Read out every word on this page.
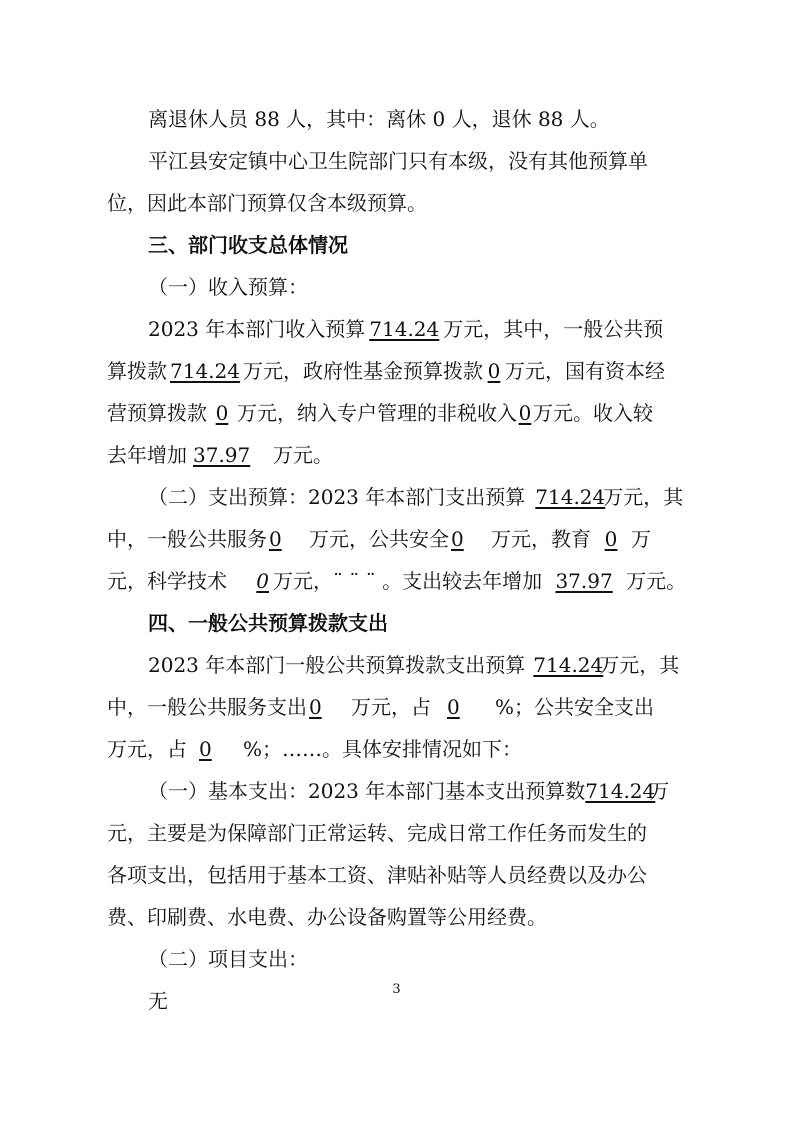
离退休人员 88 人，其中：离休 0 人，退休 88 人。
平江县安定镇中心卫生院部门只有本级，没有其他预算单
位，因此本部门预算仅含本级预算。
三、部门收支总体情况
（一）收入预算：
2023 年本部门收入预算 714.24 万元，其中，一般公共预
算拨款 714.24 万元，政府性基金预算拨款 0 万元，国有资本经
营预算拨款 0 万元，纳入专户管理的非税收入0万元。收入较
去年增加 37.97 万元。
（二）支出预算：2023 年本部门支出预算 714.24万元，其
中，一般公共服务 0 万元，公共安全 0 万元，教育 0 万
元，科学技术 0 万元，¨ ¨ ¨ 。支出较去年增加 37.97 万元。
四、一般公共预算拨款支出
2023 年本部门一般公共预算拨款支出预算 714.24万元，其
中，一般公共服务支出 0 万元，占 0 %；公共安全支出
万元，占 0 %；……。具体安排情况如下：
（一）基本支出：2023 年本部门基本支出预算数714.24万
元，主要是为保障部门正常运转、完成日常工作任务而发生的
各项支出，包括用于基本工资、津贴补贴等人员经费以及办公
费、印刷费、水电费、办公设备购置等公用经费。
（二）项目支出：
无	3
